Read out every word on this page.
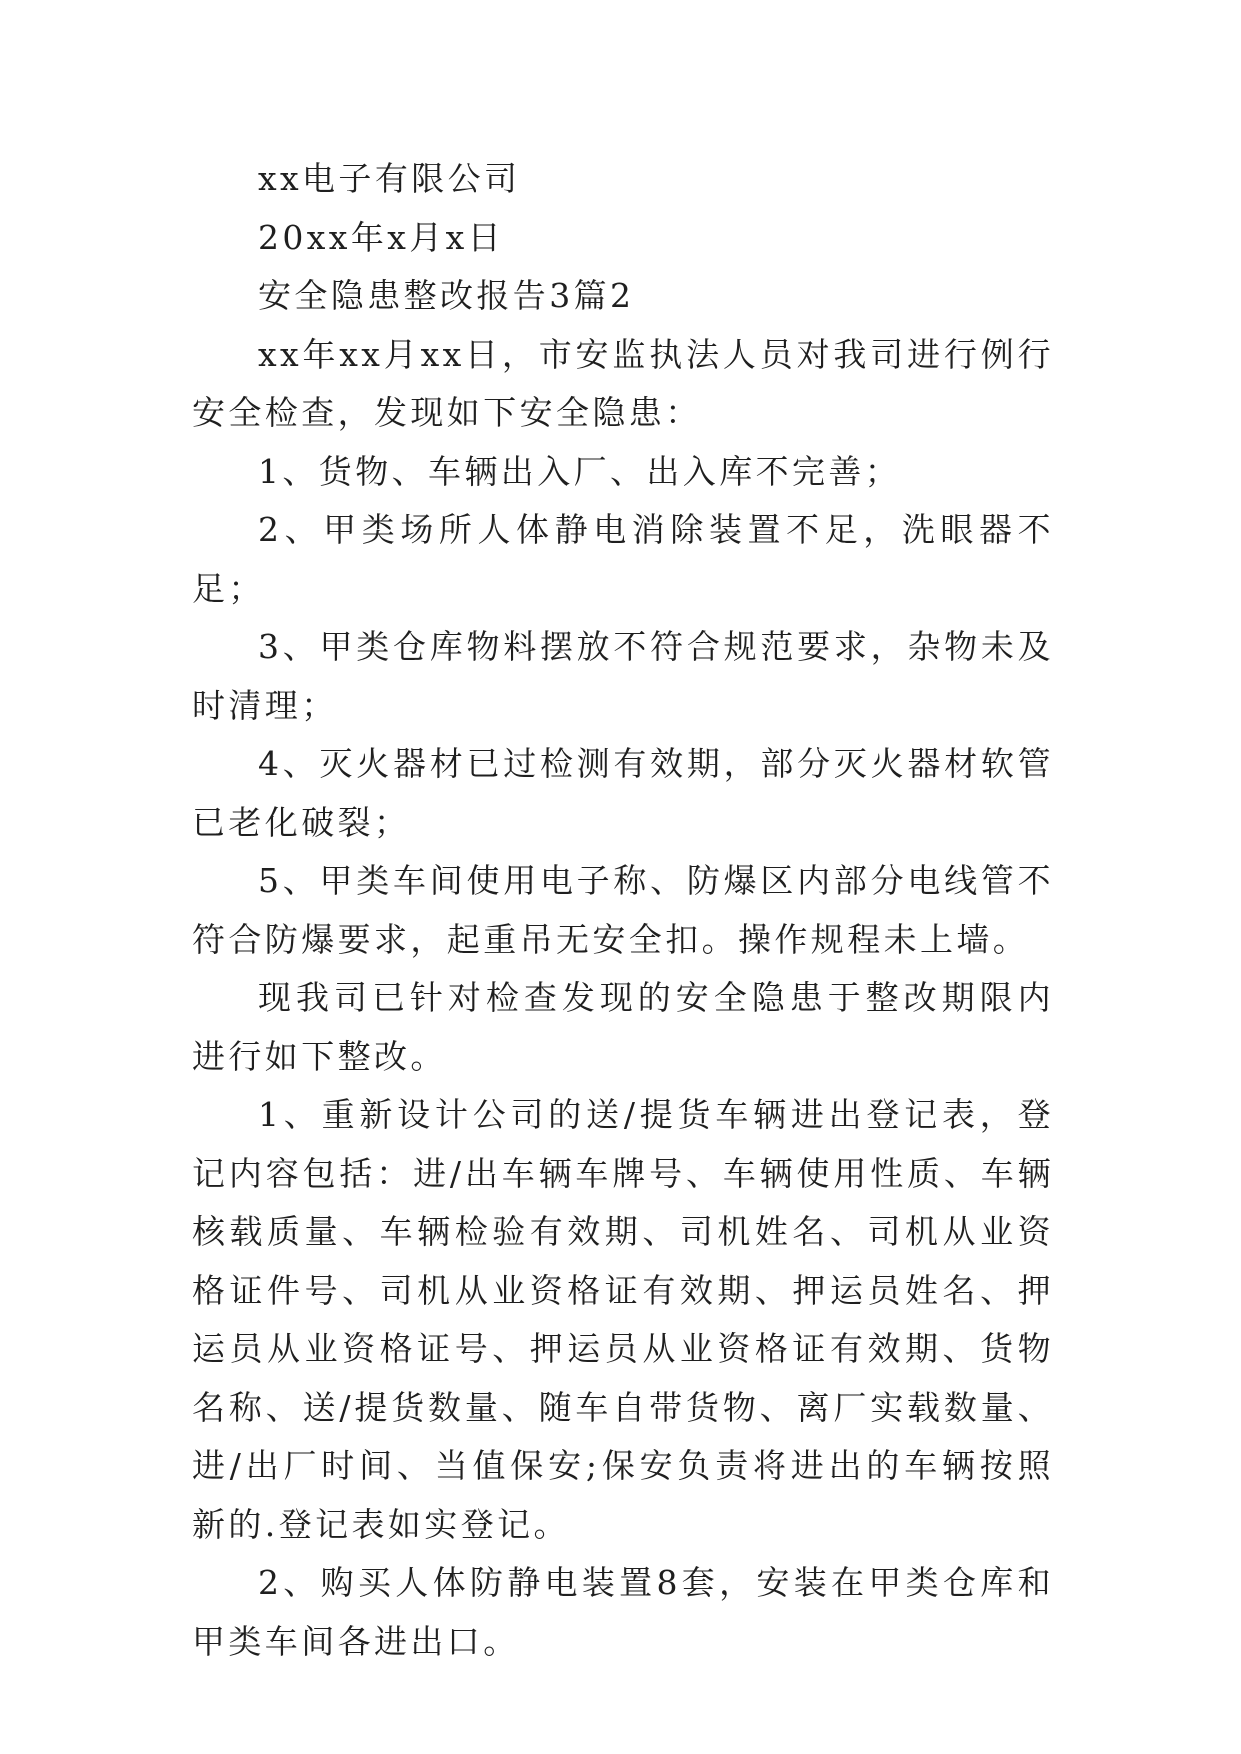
xx电子有限公司

20xx年x月x日

安全隐患整改报告3篇2

xx年xx月xx日，市安监执法人员对我司进行例行安全检查，发现如下安全隐患：

1、货物、车辆出入厂、出入库不完善；

2、甲类场所人体静电消除装置不足，洗眼器不足；

3、甲类仓库物料摆放不符合规范要求，杂物未及时清理；

4、灭火器材已过检测有效期，部分灭火器材软管已老化破裂；

5、甲类车间使用电子称、防爆区内部分电线管不符合防爆要求，起重吊无安全扣。操作规程未上墙。

现我司已针对检查发现的安全隐患于整改期限内进行如下整改。

1、重新设计公司的送/提货车辆进出登记表，登记内容包括：进/出车辆车牌号、车辆使用性质、车辆核载质量、车辆检验有效期、司机姓名、司机从业资格证件号、司机从业资格证有效期、押运员姓名、押运员从业资格证号、押运员从业资格证有效期、货物名称、送/提货数量、随车自带货物、离厂实载数量、进/出厂时间、当值保安;保安负责将进出的车辆按照新的.登记表如实登记。

2、购买人体防静电装置8套，安装在甲类仓库和甲类车间各进出口。
